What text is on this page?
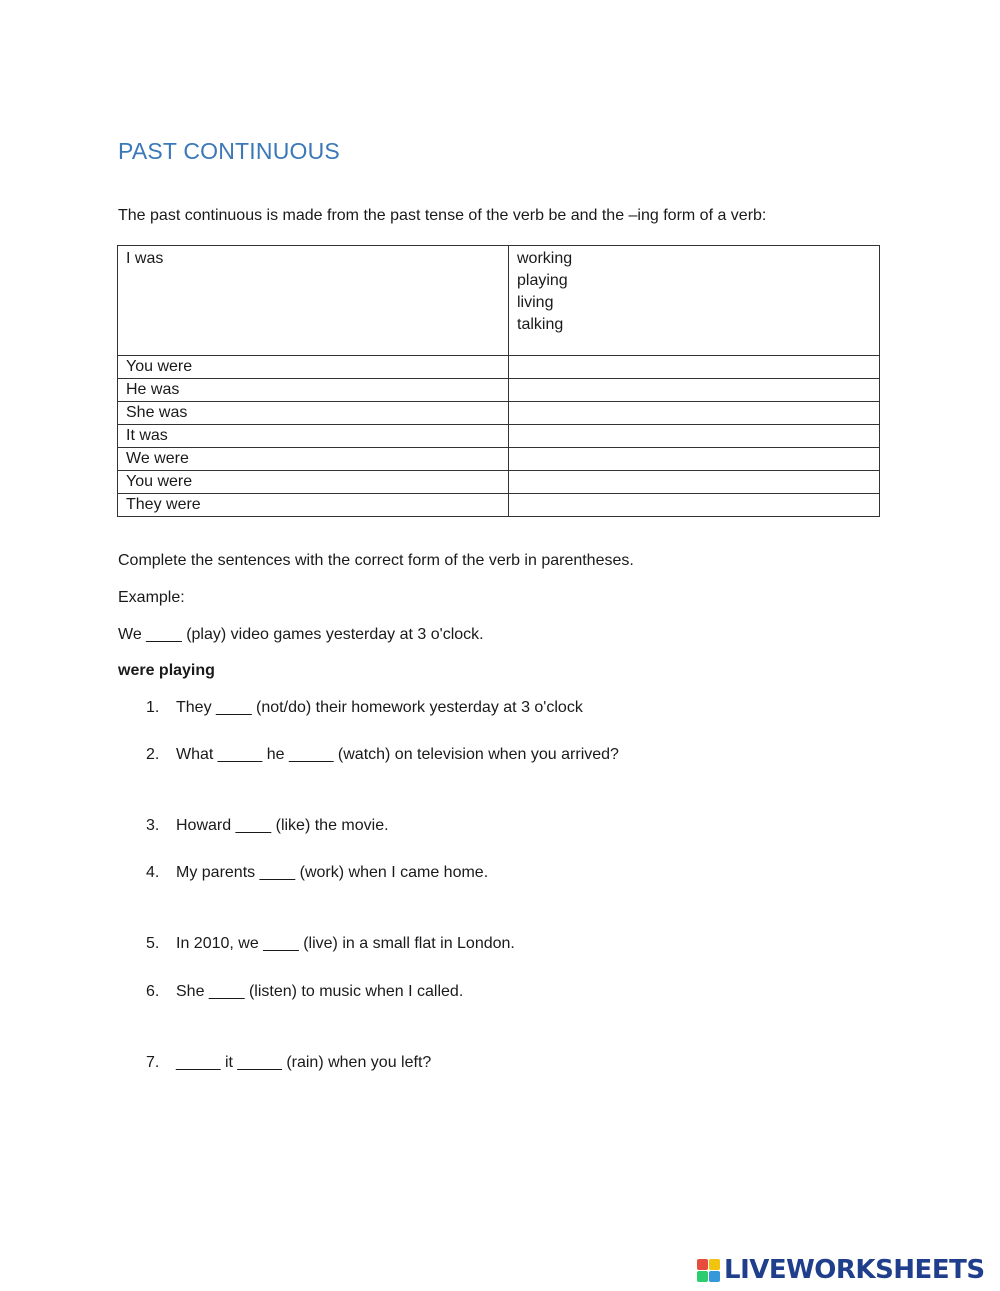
PAST CONTINUOUS
The past continuous is made from the past tense of the verb be and the –ing form of a verb:
I was	working
playing
living
talking

You were	
He was	
She was	
It was	
We were	
You were	
They were	
Complete the sentences with the correct form of the verb in parentheses.
Example:
We ____ (play) video games yesterday at 3 o'clock.
were playing
1. They ____ (not/do) their homework yesterday at 3 o'clock
2. What _____ he _____ (watch) on television when you arrived?
3. Howard ____ (like) the movie.
4. My parents ____ (work) when I came home.
5. In 2010, we ____ (live) in a small flat in London.
6. She ____ (listen) to music when I called.
7. _____ it _____ (rain) when you left?
LIVEWORKSHEETS
